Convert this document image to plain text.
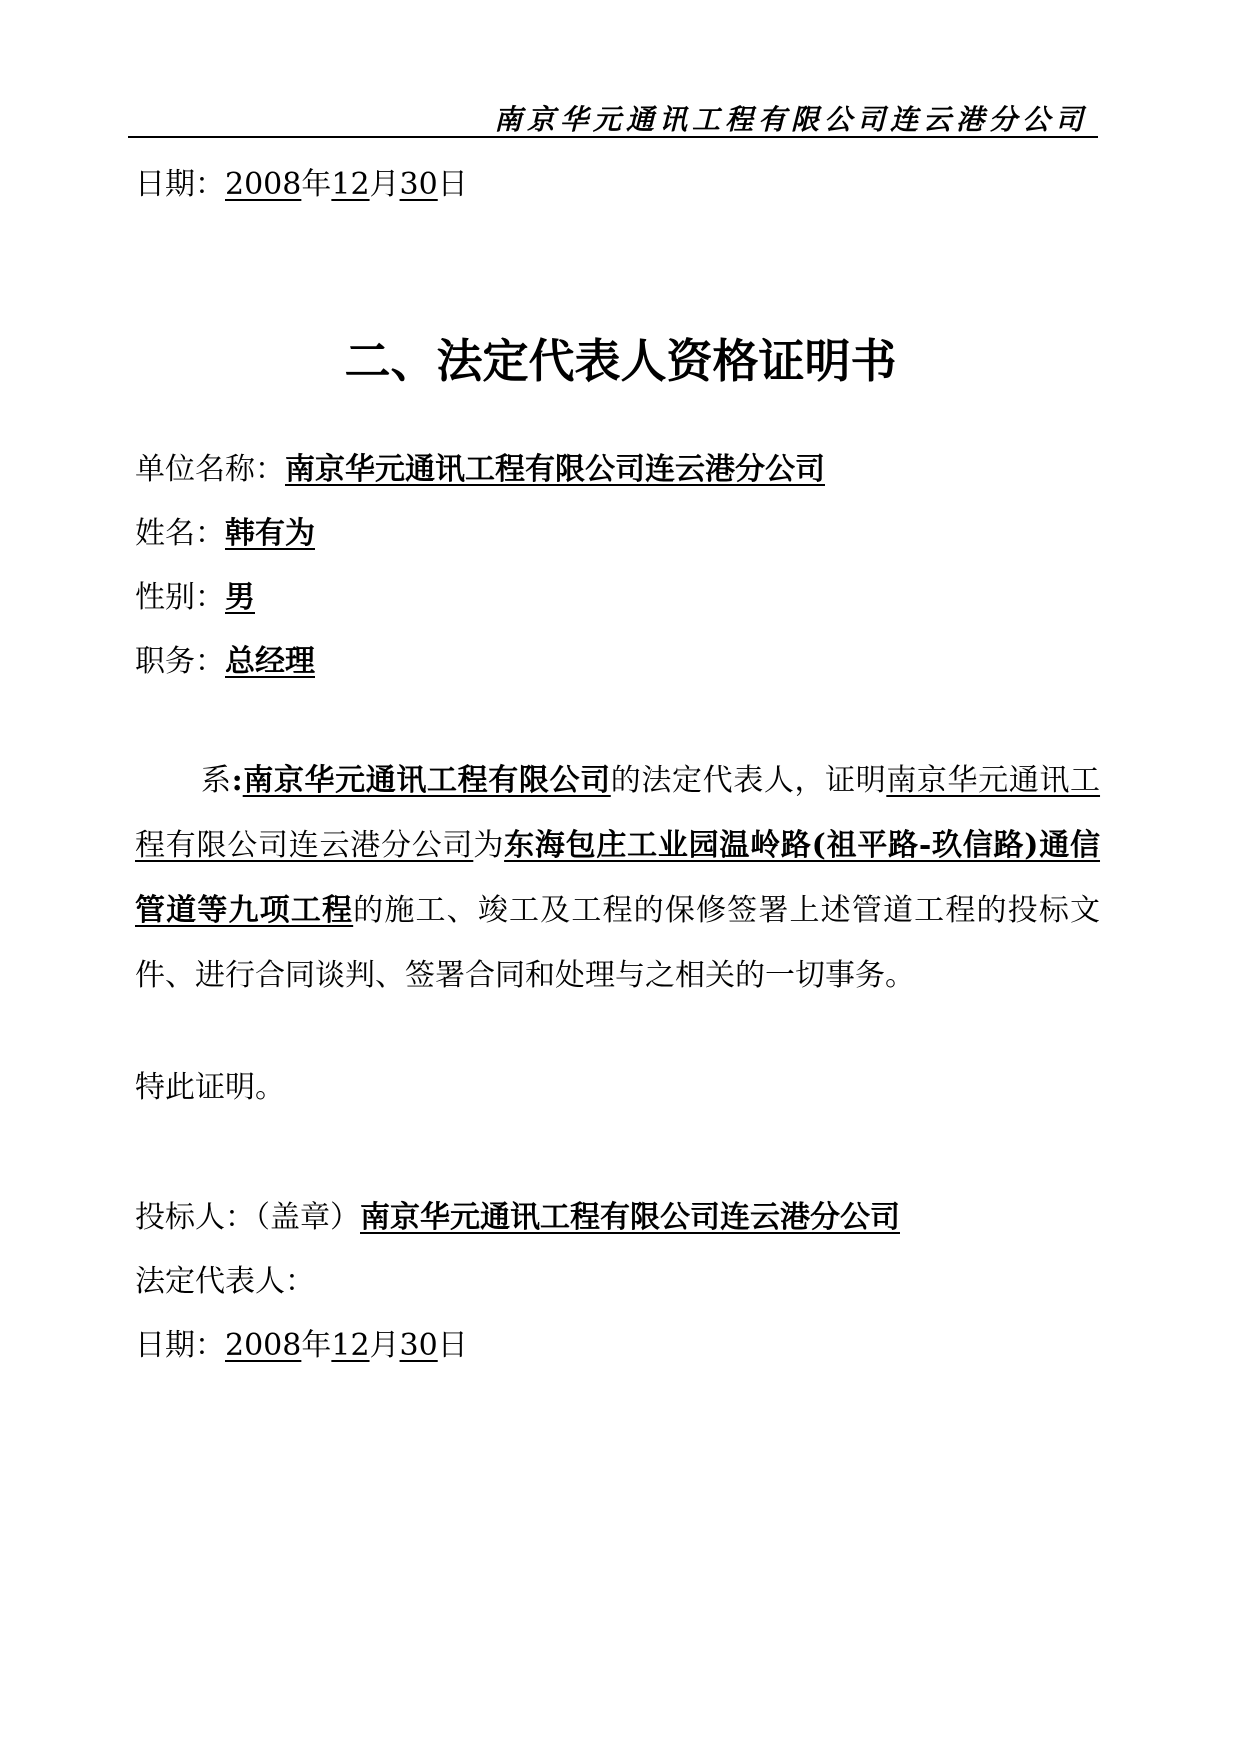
南京华元通讯工程有限公司连云港分公司
日期：2008年12月30日
二、法定代表人资格证明书
单位名称：南京华元通讯工程有限公司连云港分公司
姓名：韩有为
性别：男
职务：总经理
系:南京华元通讯工程有限公司的法定代表人，证明南京华元通讯工程有限公司连云港分公司为东海包庄工业园温岭路(祖平路-玖信路)通信管道等九项工程的施工、竣工及工程的保修签署上述管道工程的投标文件、进行合同谈判、签署合同和处理与之相关的一切事务。
特此证明。
投标人：（盖章）南京华元通讯工程有限公司连云港分公司
法定代表人：
日期：2008年12月30日
